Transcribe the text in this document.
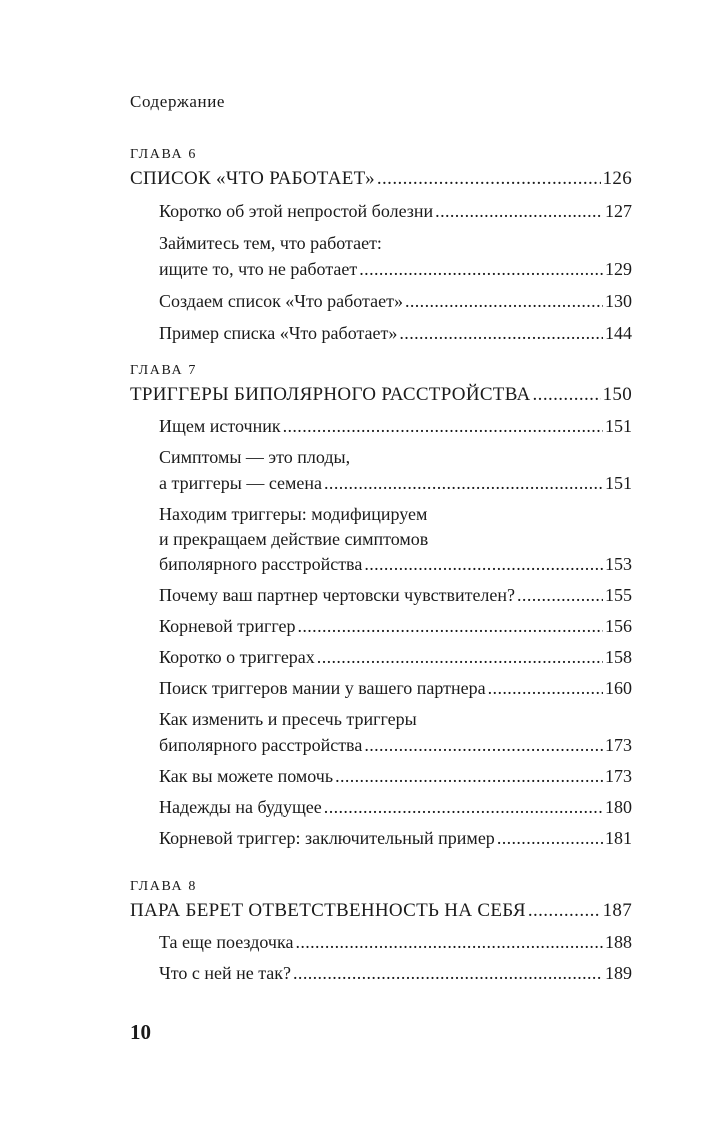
Содержание
ГЛАВА 6
СПИСОК «ЧТО РАБОТАЕТ» .....	126
Коротко об этой непростой болезни .....	127
Займитесь тем, что работает:
ищите то, что не работает .....	129
Создаем список «Что работает» .....	130
Пример списка «Что работает» .....	144
ГЛАВА 7
ТРИГГЕРЫ БИПОЛЯРНОГО РАССТРОЙСТВА .....	150
Ищем источник .....	151
Симптомы — это плоды,
а триггеры — семена .....	151
Находим триггеры: модифицируем
и прекращаем действие симптомов
биполярного расстройства .....	153
Почему ваш партнер чертовски чувствителен? .....	155
Корневой триггер .....	156
Коротко о триггерах .....	158
Поиск триггеров мании у вашего партнера .....	160
Как изменить и пресечь триггеры
биполярного расстройства .....	173
Как вы можете помочь .....	173
Надежды на будущее .....	180
Корневой триггер: заключительный пример .....	181
ГЛАВА 8
ПАРА БЕРЕТ ОТВЕТСТВЕННОСТЬ НА СЕБЯ .....	187
Та еще поездочка .....	188
Что с ней не так? .....	189
10
